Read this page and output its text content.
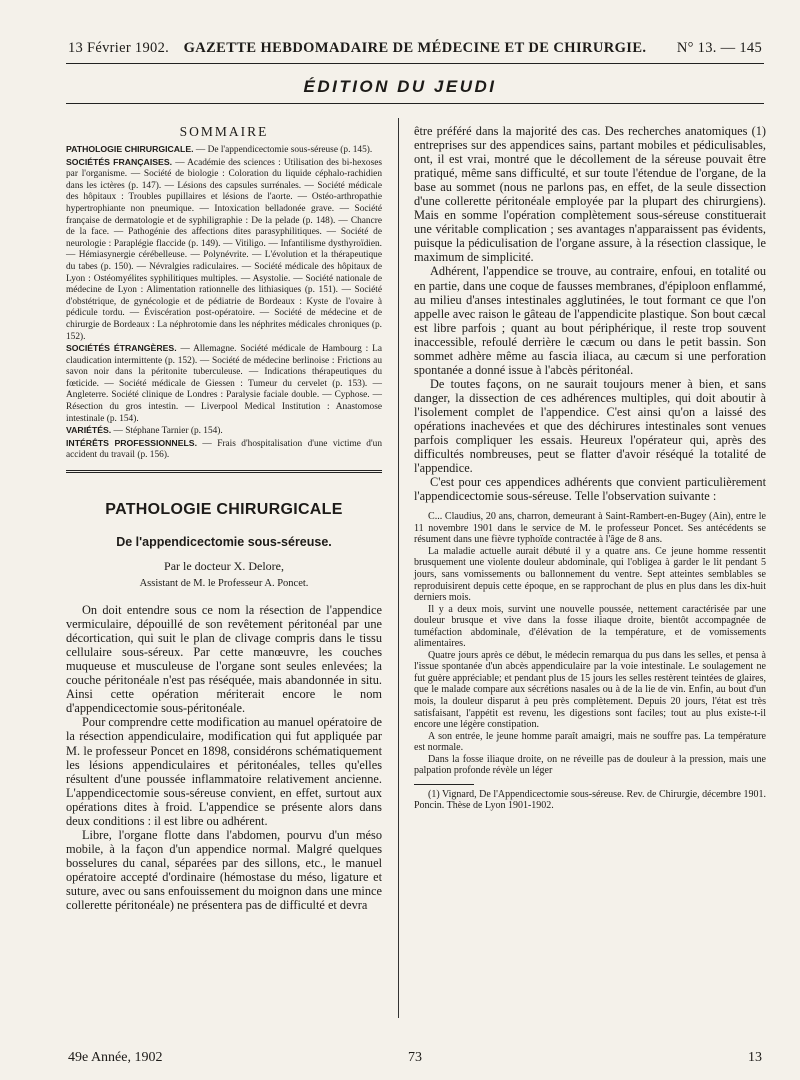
13 Février 1902.	GAZETTE HEBDOMADAIRE DE MÉDECINE ET DE CHIRURGIE.	N° 13. — 145
ÉDITION DU JEUDI
SOMMAIRE

PATHOLOGIE CHIRURGICALE. — De l'appendicectomie sous-séreuse (p. 145).

SOCIÉTÉS FRANÇAISES. — Académie des sciences : Utilisation des bi-hexoses par l'organisme. — Société de biologie : Coloration du liquide céphalo-rachidien dans les ictères (p. 147). — Lésions des capsules surrénales. — Société médicale des hôpitaux : Troubles pupillaires et lésions de l'aorte. — Ostéo-arthropathie hypertrophiante non pneumique. — Intoxication belladonée grave. — Société française de dermatologie et de syphiligraphie : De la pelade (p. 148). — Chancre de la face. — Pathogénie des affections dites parasyphilitiques. — Société de neurologie : Paraplégie flaccide (p. 149). — Vitiligo. — Infantilisme dysthyroïdien. — Hémiasynergie cérébelleuse. — Polynévrite. — L'évolution et la thérapeutique du tabes (p. 150). — Névralgies radiculaires. — Société médicale des hôpitaux de Lyon : Ostéomyélites syphilitiques multiples. — Asystolie. — Société nationale de médecine de Lyon : Alimentation rationnelle des lithiasiques (p. 151). — Société d'obstétrique, de gynécologie et de pédiatrie de Bordeaux : Kyste de l'ovaire à pédicule tordu. — Éviscération post-opératoire. — Société de médecine et de chirurgie de Bordeaux : La néphrotomie dans les néphrites médicales chroniques (p. 152).

SOCIÉTÉS ÉTRANGÈRES. — Allemagne. Société médicale de Hambourg : La claudication intermittente (p. 152). — Société de médecine berlinoise : Frictions au savon noir dans la péritonite tuberculeuse. — Indications thérapeutiques du fœticide. — Société médicale de Giessen : Tumeur du cervelet (p. 153). — Angleterre. Société clinique de Londres : Paralysie faciale double. — Cyphose. — Résection du gros intestin. — Liverpool Medical Institution : Anastomose intestinale (p. 154).

VARIÉTÉS. — Stéphane Tarnier (p. 154).

INTÉRÊTS PROFESSIONNELS. — Frais d'hospitalisation d'une victime d'un accident du travail (p. 156).

PATHOLOGIE CHIRURGICALE
De l'appendicectomie sous-séreuse.
Par le docteur X. Delore,
Assistant de M. le Professeur A. Poncet.

On doit entendre sous ce nom la résection de l'appendice vermiculaire, dépouillé de son revêtement péritonéal par une décortication, qui suit le plan de clivage compris dans le tissu cellulaire sous-séreux. Par cette manœuvre, les couches muqueuse et musculeuse de l'organe sont seules enlevées; la couche péritonéale n'est pas réséquée, mais abandonnée in situ. Ainsi cette opération mériterait encore le nom d'appendicectomie sous-péritonéale.

Pour comprendre cette modification au manuel opératoire de la résection appendiculaire, modification qui fut appliquée par M. le professeur Poncet en 1898, considérons schématiquement les lésions appendiculaires et péritonéales, telles qu'elles résultent d'une poussée inflammatoire relativement ancienne. L'appendicectomie sous-séreuse convient, en effet, surtout aux opérations dites à froid. L'appendice se présente alors dans deux conditions : il est libre ou adhérent.

Libre, l'organe flotte dans l'abdomen, pourvu d'un méso mobile, à la façon d'un appendice normal. Malgré quelques bosselures du canal, séparées par des sillons, etc., le manuel opératoire accepté d'ordinaire (hémostase du méso, ligature et suture, avec ou sans enfouissement du moignon dans une mince collerette péritonéale) ne présentera pas de difficulté et devra

être préféré dans la majorité des cas. Des recherches anatomiques (1) entreprises sur des appendices sains, partant mobiles et pédiculisables, ont, il est vrai, montré que le décollement de la séreuse pouvait être pratiqué, même sans difficulté, et sur toute l'étendue de l'organe, de la base au sommet (nous ne parlons pas, en effet, de la seule dissection d'une collerette péritonéale employée par la plupart des chirurgiens). Mais en somme l'opération complètement sous-séreuse constituerait une véritable complication ; ses avantages n'apparaissent pas évidents, puisque la pédiculisation de l'organe assure, à la résection classique, le maximum de simplicité.

Adhérent, l'appendice se trouve, au contraire, enfoui, en totalité ou en partie, dans une coque de fausses membranes, d'épiploon enflammé, au milieu d'anses intestinales agglutinées, le tout formant ce que l'on appelle avec raison le gâteau de l'appendicite plastique. Son bout cæcal est libre parfois ; quant au bout périphérique, il reste trop souvent inaccessible, refoulé derrière le cæcum ou dans le petit bassin. Son sommet adhère même au fascia iliaca, au cæcum si une perforation spontanée a donné issue à l'abcès péritonéal.

De toutes façons, on ne saurait toujours mener à bien, et sans danger, la dissection de ces adhérences multiples, qui doit aboutir à l'isolement complet de l'appendice. C'est ainsi qu'on a laissé des opérations inachevées et que des déchirures intestinales sont venues parfois compliquer les essais. Heureux l'opérateur qui, après des difficultés nombreuses, peut se flatter d'avoir réséqué la totalité de l'appendice.

C'est pour ces appendices adhérents que convient particulièrement l'appendicectomie sous-séreuse. Telle l'observation suivante :

C... Claudius, 20 ans, charron, demeurant à Saint-Rambert-en-Bugey (Ain), entre le 11 novembre 1901 dans le service de M. le professeur Poncet. Ses antécédents se résument dans une fièvre typhoïde contractée à l'âge de 8 ans.

La maladie actuelle aurait débuté il y a quatre ans. Ce jeune homme ressentit brusquement une violente douleur abdominale, qui l'obligea à garder le lit pendant 5 jours, sans vomissements ou ballonnement du ventre. Sept atteintes semblables se reproduisirent depuis cette époque, en se rapprochant de plus en plus dans les dix-huit derniers mois.

Il y a deux mois, survint une nouvelle poussée, nettement caractérisée par une douleur brusque et vive dans la fosse iliaque droite, bientôt accompagnée de tuméfaction abdominale, d'élévation de la température, et de vomissements alimentaires.

Quatre jours après ce début, le médecin remarqua du pus dans les selles, et pensa à l'issue spontanée d'un abcès appendiculaire par la voie intestinale. Le soulagement ne fut guère appréciable; et pendant plus de 15 jours les selles restèrent teintées de glaires, que le malade compare aux sécrétions nasales ou à de la lie de vin. Enfin, au bout d'un mois, la douleur disparut à peu près complètement. Depuis 20 jours, l'état est très satisfaisant, l'appétit est revenu, les digestions sont faciles; tout au plus existe-t-il encore une légère constipation.

A son entrée, le jeune homme paraît amaigri, mais ne souffre pas. La température est normale.

Dans la fosse iliaque droite, on ne réveille pas de douleur à la pression, mais une palpation profonde révèle un léger

(1) Vignard, De l'Appendicectomie sous-séreuse. Rev. de Chirurgie, décembre 1901. Poncin. Thèse de Lyon 1901-1902.

49e Année, 1902	73	13
